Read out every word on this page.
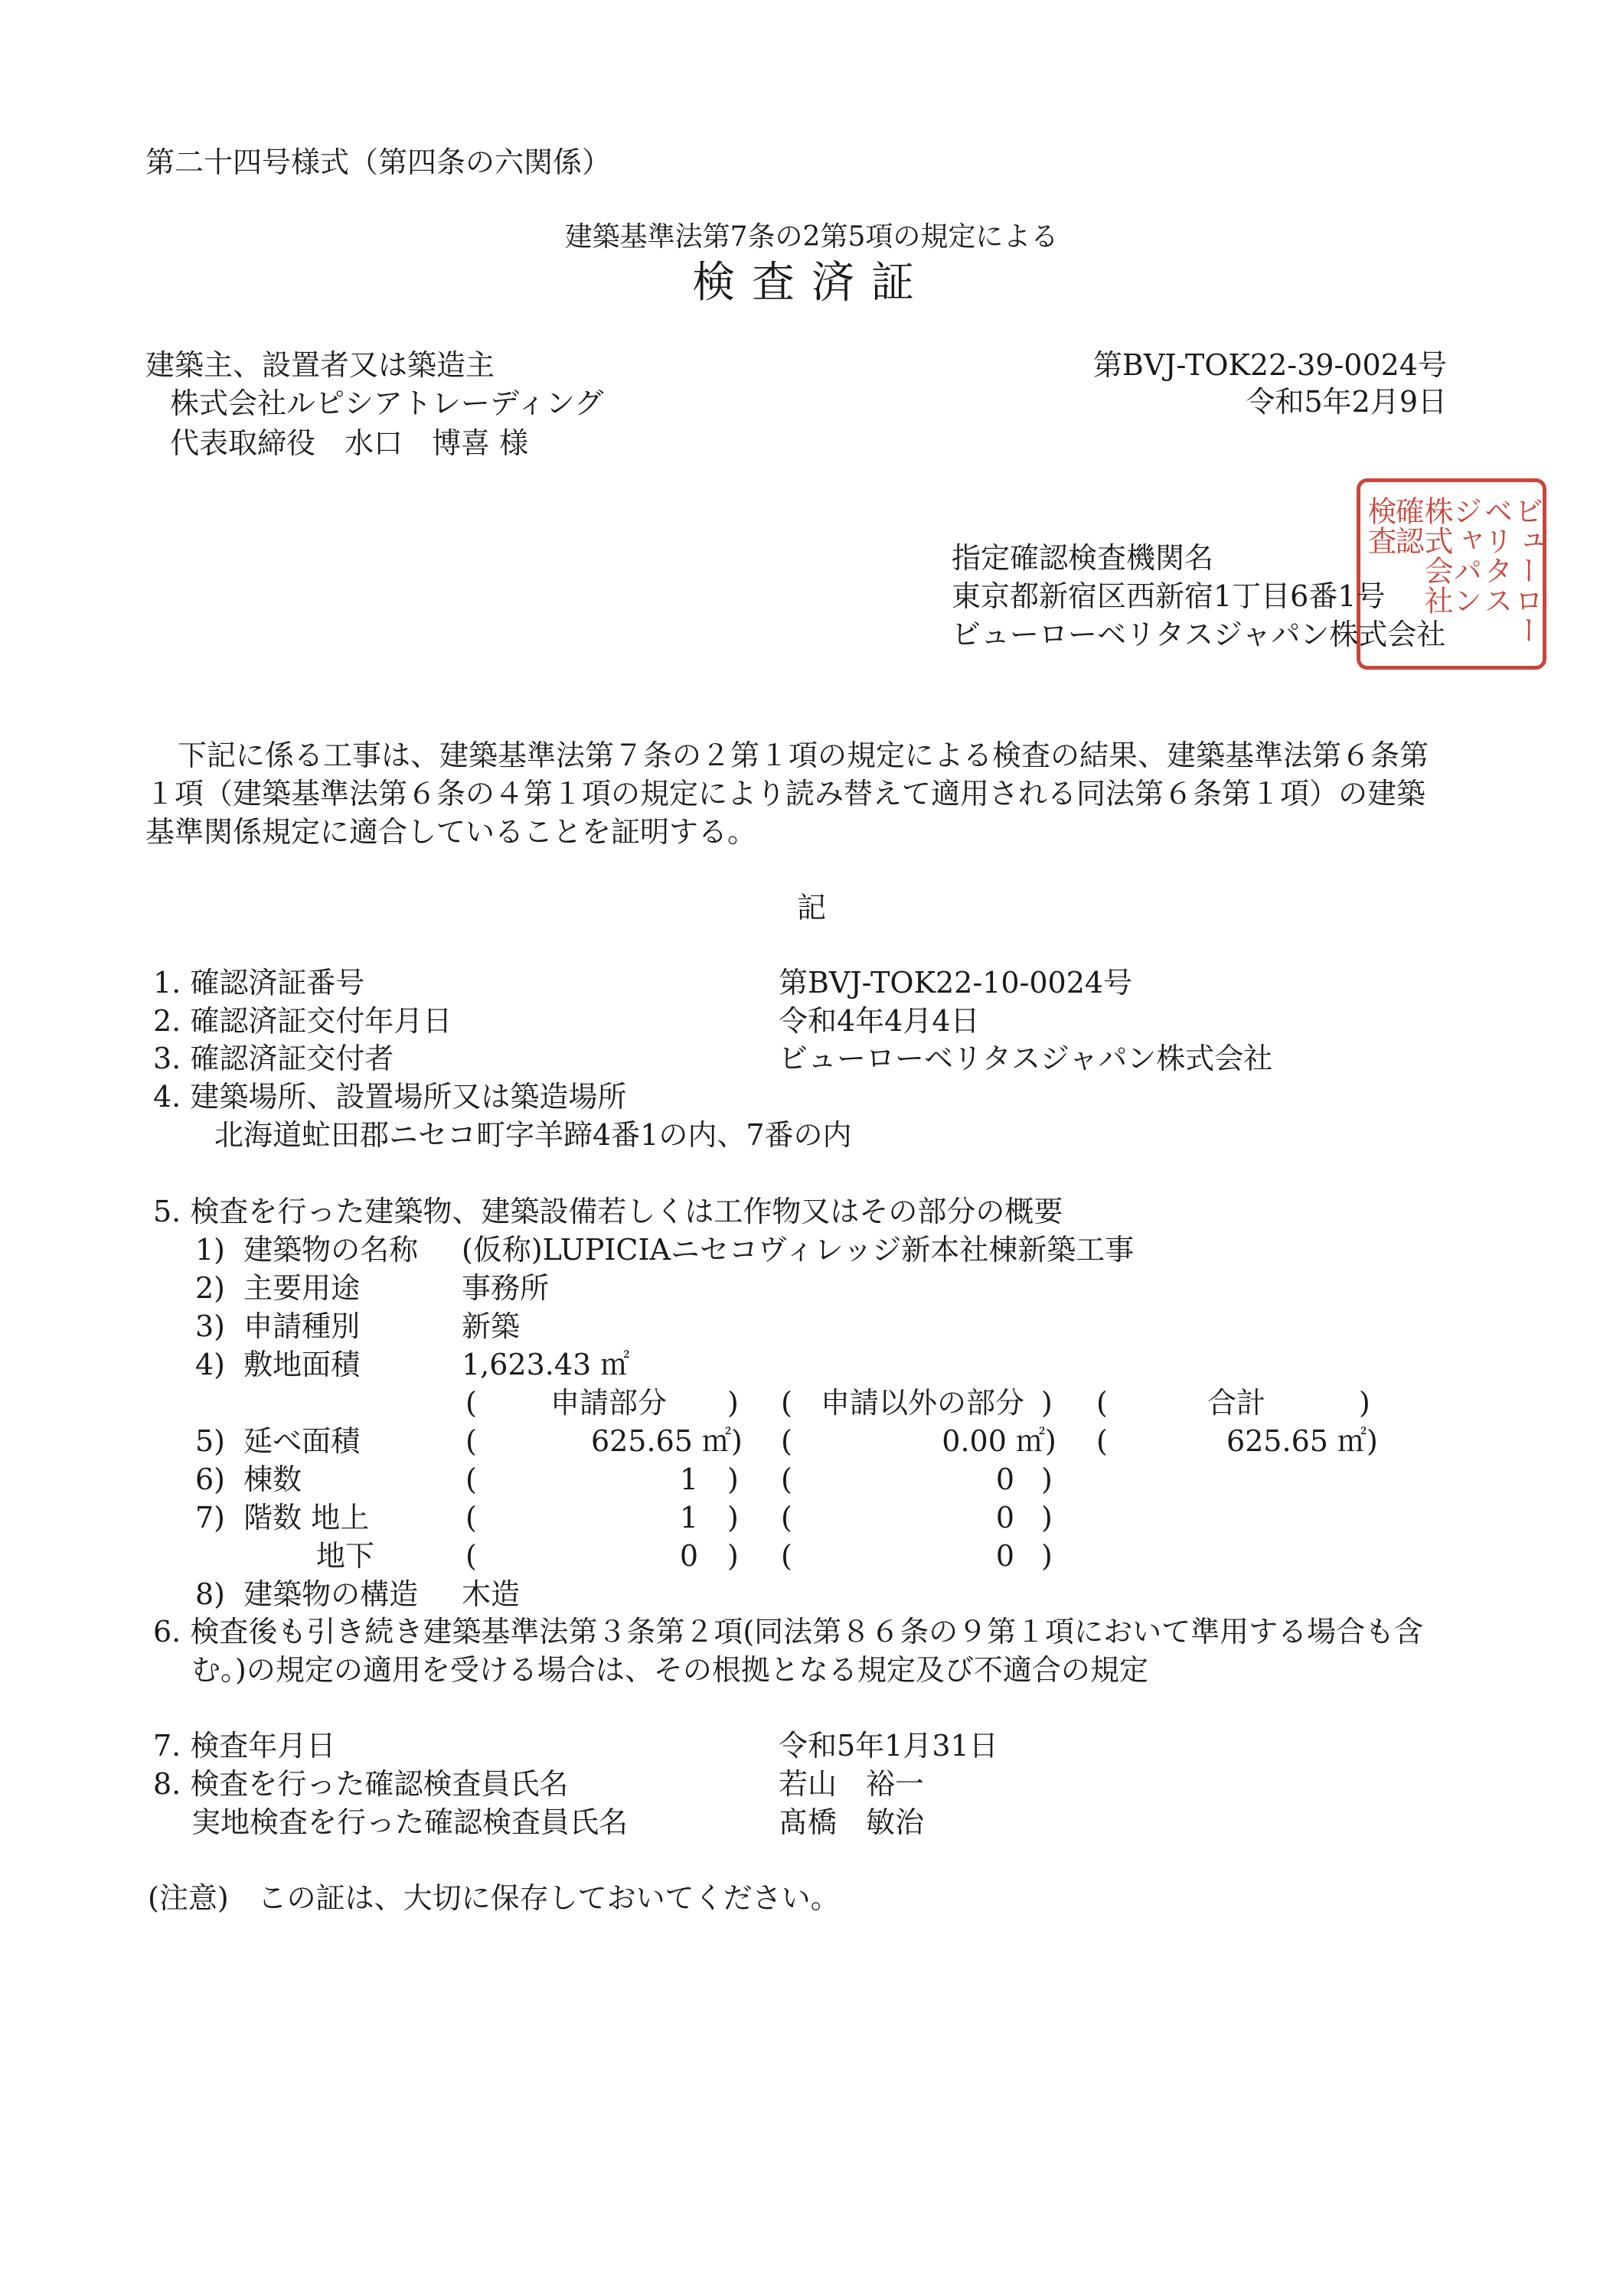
第二十四号様式（第四条の六関係）
建築基準法第7条の2第5項の規定による
検査済証
建築主、設置者又は築造主
株式会社ルピシアトレーディング
代表取締役　水口　博喜 様
第BVJ-TOK22-39-0024号
令和5年2月9日
ビューロー
ベリタス
ジャパン
株式会社
確認
検査
指定確認検査機関名
東京都新宿区西新宿1丁目6番1号
ビューローベリタスジャパン株式会社
下記に係る工事は、建築基準法第７条の２第１項の規定による検査の結果、建築基準法第６条第
１項（建築基準法第６条の４第１項の規定により読み替えて適用される同法第６条第１項）の建築
基準関係規定に適合していることを証明する。
記
1. 確認済証番号	第BVJ-TOK22-10-0024号
2. 確認済証交付年月日	令和4年4月4日
3. 確認済証交付者	ビューローベリタスジャパン株式会社
4. 建築場所、設置場所又は築造場所
北海道虻田郡ニセコ町字羊蹄4番1の内、7番の内
5. 検査を行った建築物、建築設備若しくは工作物又はその部分の概要
1)  建築物の名称 (仮称)LUPICIAニセコヴィレッジ新本社棟新築工事
2)  主要用途	事務所
3)  申請種別	新築
4)  敷地面積	1,623.43 ㎡
(	申請部分	) ( 申請以外の部分 ) (	合計	)
5)  延べ面積	(	625.65 ㎡ ) (	0.00 ㎡ ) (	625.65 ㎡ )
6)  棟数	(	1 ) (	0 )
7)  階数 地上	(	1 ) (	0 )
地下	(	0 ) (	0 )
8)  建築物の構造 木造
6. 検査後も引き続き建築基準法第３条第２項(同法第８６条の９第１項において準用する場合も含
む。)の規定の適用を受ける場合は、その根拠となる規定及び不適合の規定
7. 検査年月日	令和5年1月31日
8. 検査を行った確認検査員氏名	若山　裕一
実地検査を行った確認検査員氏名	髙橋　敏治
(注意)　この証は、大切に保存しておいてください。
